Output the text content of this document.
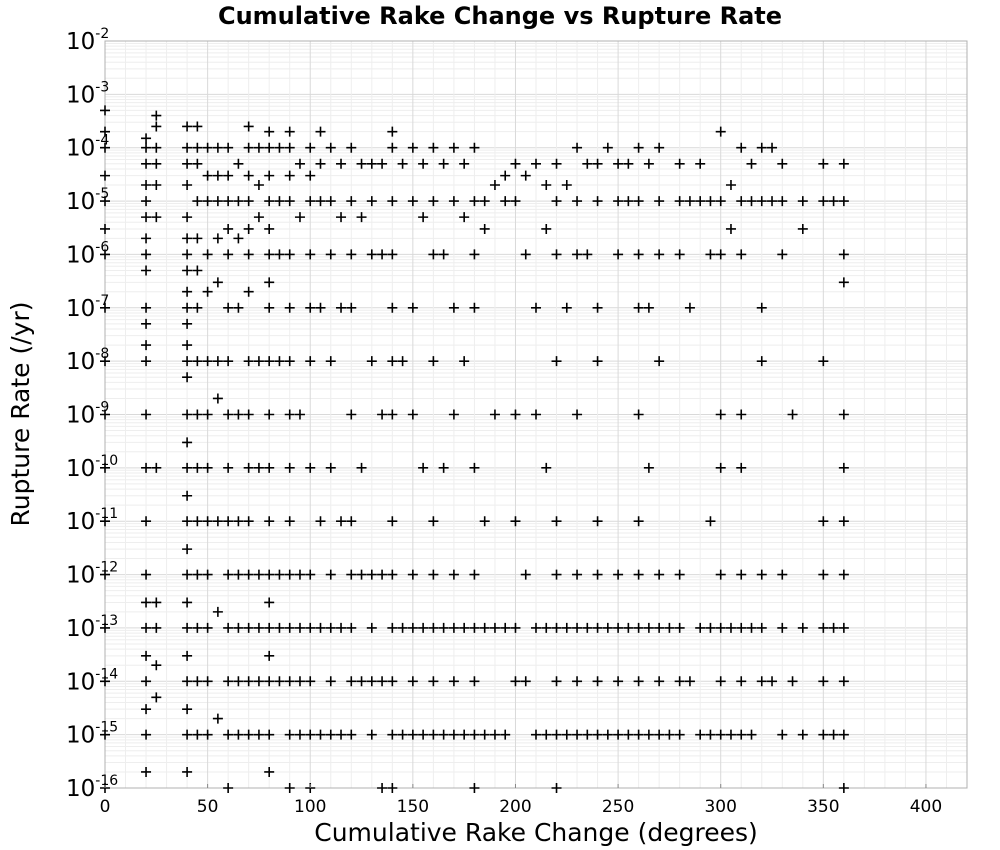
0	50	100	150	200	250	300	350	400
$10^{-2}$
$10^{-3}$
$10^{-4}$
$10^{-5}$
$10^{-6}$
$10^{-7}$
$10^{-8}$
$10^{-9}$
$10^{-10}$
$10^{-11}$
$10^{-12}$
$10^{-13}$
$10^{-14}$
$10^{-15}$
$10^{-16}$
Cumulative Rake Change vs Rupture Rate
Cumulative Rake Change (degrees)
Rupture Rate (/yr)
